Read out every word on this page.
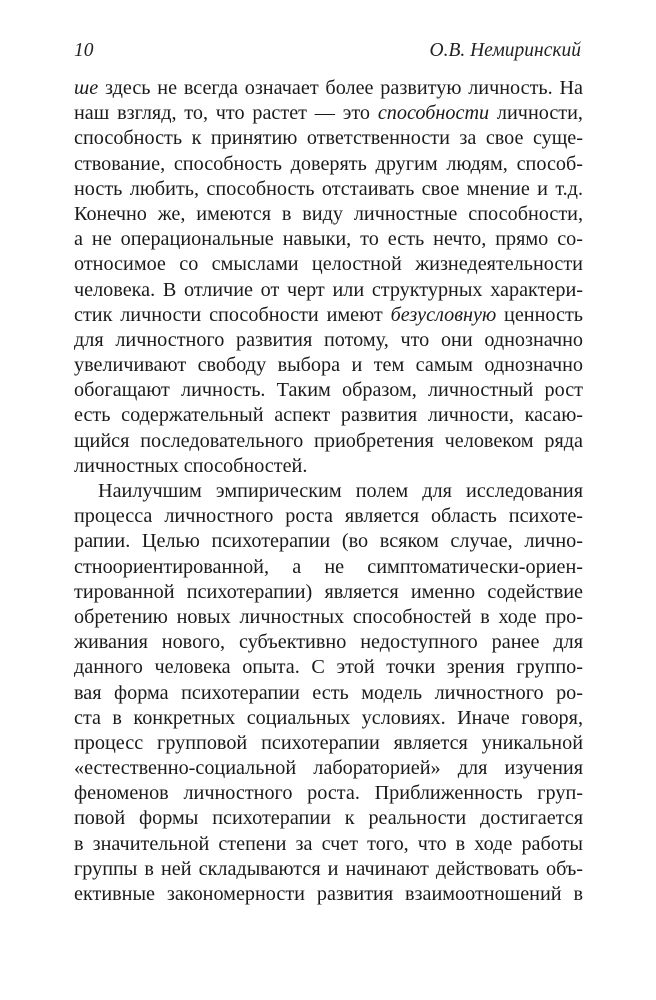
10	О.В. Немиринский
ше здесь не всегда означает более развитую личность. На
наш взгляд, то, что растет — это способности личности,
способность к принятию ответственности за свое суще-
ствование, способность доверять другим людям, способ-
ность любить, способность отстаивать свое мнение и т.д.
Конечно же, имеются в виду личностные способности,
а не операциональные навыки, то есть нечто, прямо со-
относимое со смыслами целостной жизнедеятельности
человека. В отличие от черт или структурных характери-
стик личности способности имеют безусловную ценность
для личностного развития потому, что они однозначно
увеличивают свободу выбора и тем самым однозначно
обогащают личность. Таким образом, личностный рост
есть содержательный аспект развития личности, касаю-
щийся последовательного приобретения человеком ряда
личностных способностей.
Наилучшим эмпирическим полем для исследования
процесса личностного роста является область психоте-
рапии. Целью психотерапии (во всяком случае, лично-
стноориентированной, а не симптоматически-ориен-
тированной психотерапии) является именно содействие
обретению новых личностных способностей в ходе про-
живания нового, субъективно недоступного ранее для
данного человека опыта. С этой точки зрения группо-
вая форма психотерапии есть модель личностного ро-
ста в конкретных социальных условиях. Иначе говоря,
процесс групповой психотерапии является уникальной
«естественно-социальной лабораторией» для изучения
феноменов личностного роста. Приближенность груп-
повой формы психотерапии к реальности достигается
в значительной степени за счет того, что в ходе работы
группы в ней складываются и начинают действовать объ-
ективные закономерности развития взаимоотношений в
